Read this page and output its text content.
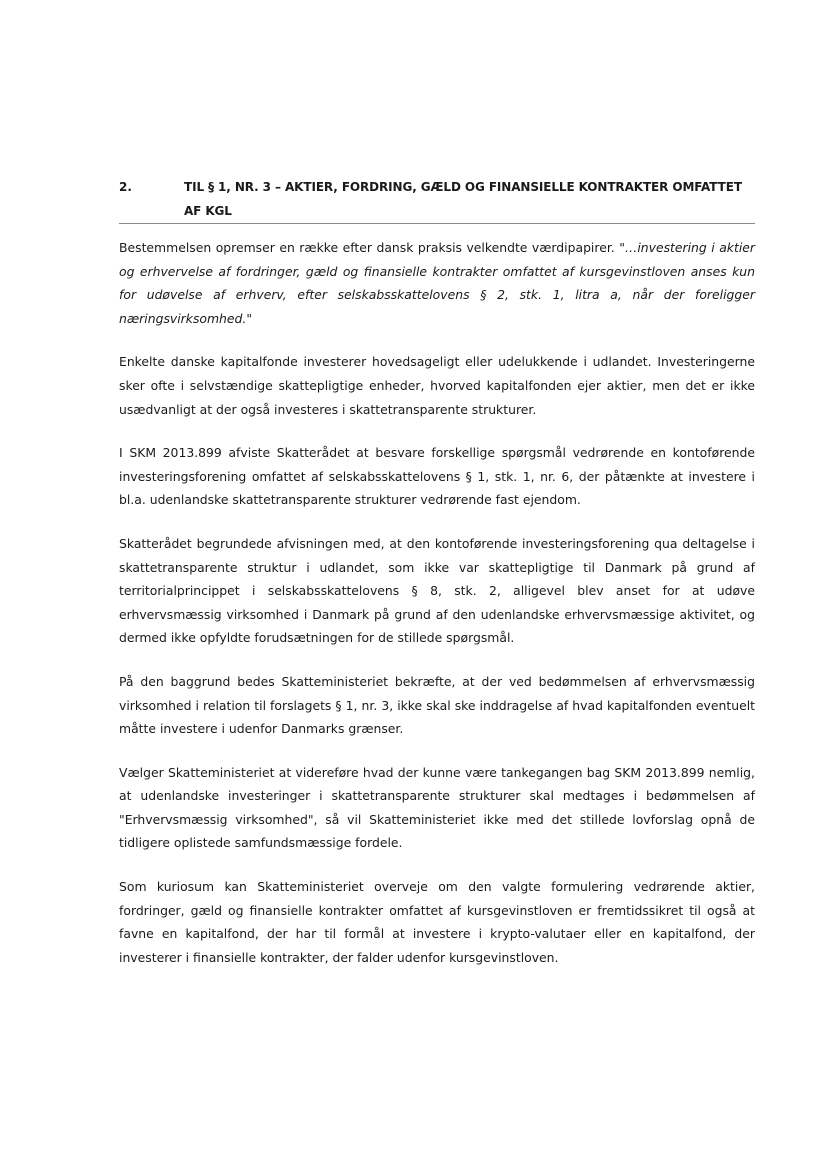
2.	TIL § 1, NR. 3 – AKTIER, FORDRING, GÆLD OG FINANSIELLE KONTRAKTER OMFATTET AF KGL

Bestemmelsen opremser en række efter dansk praksis velkendte værdipapirer. "…investering i aktier og erhvervelse af fordringer, gæld og finansielle kontrakter omfattet af kursgevinstloven anses kun for udøvelse af erhverv, efter selskabsskattelovens § 2, stk. 1, litra a, når der foreligger næringsvirksomhed."

Enkelte danske kapitalfonde investerer hovedsageligt eller udelukkende i udlandet. Investeringerne sker ofte i selvstændige skattepligtige enheder, hvorved kapitalfonden ejer aktier, men det er ikke usædvanligt at der også investeres i skattetransparente strukturer.

I SKM 2013.899 afviste Skatterådet at besvare forskellige spørgsmål vedrørende en kontoførende investeringsforening omfattet af selskabsskattelovens § 1, stk. 1, nr. 6, der påtænkte at investere i bl.a. udenlandske skattetransparente strukturer vedrørende fast ejendom.

Skatterådet begrundede afvisningen med, at den kontoførende investeringsforening qua deltagelse i skattetransparente struktur i udlandet, som ikke var skattepligtige til Danmark på grund af territorialprincippet i selskabsskattelovens § 8, stk. 2, alligevel blev anset for at udøve erhvervsmæssig virksomhed i Danmark på grund af den udenlandske erhvervsmæssige aktivitet, og dermed ikke opfyldte forudsætningen for de stillede spørgsmål.

På den baggrund bedes Skatteministeriet bekræfte, at der ved bedømmelsen af erhvervsmæssig virksomhed i relation til forslagets § 1, nr. 3, ikke skal ske inddragelse af hvad kapitalfonden eventuelt måtte investere i udenfor Danmarks grænser.

Vælger Skatteministeriet at videreføre hvad der kunne være tankegangen bag SKM 2013.899 nemlig, at udenlandske investeringer i skattetransparente strukturer skal medtages i bedømmelsen af "Erhvervsmæssig virksomhed", så vil Skatteministeriet ikke med det stillede lovforslag opnå de tidligere oplistede samfundsmæssige fordele.

Som kuriosum kan Skatteministeriet overveje om den valgte formulering vedrørende aktier, fordringer, gæld og finansielle kontrakter omfattet af kursgevinstloven er fremtidssikret til også at favne en kapitalfond, der har til formål at investere i krypto-valutaer eller en kapitalfond, der investerer i finansielle kontrakter, der falder udenfor kursgevinstloven.
